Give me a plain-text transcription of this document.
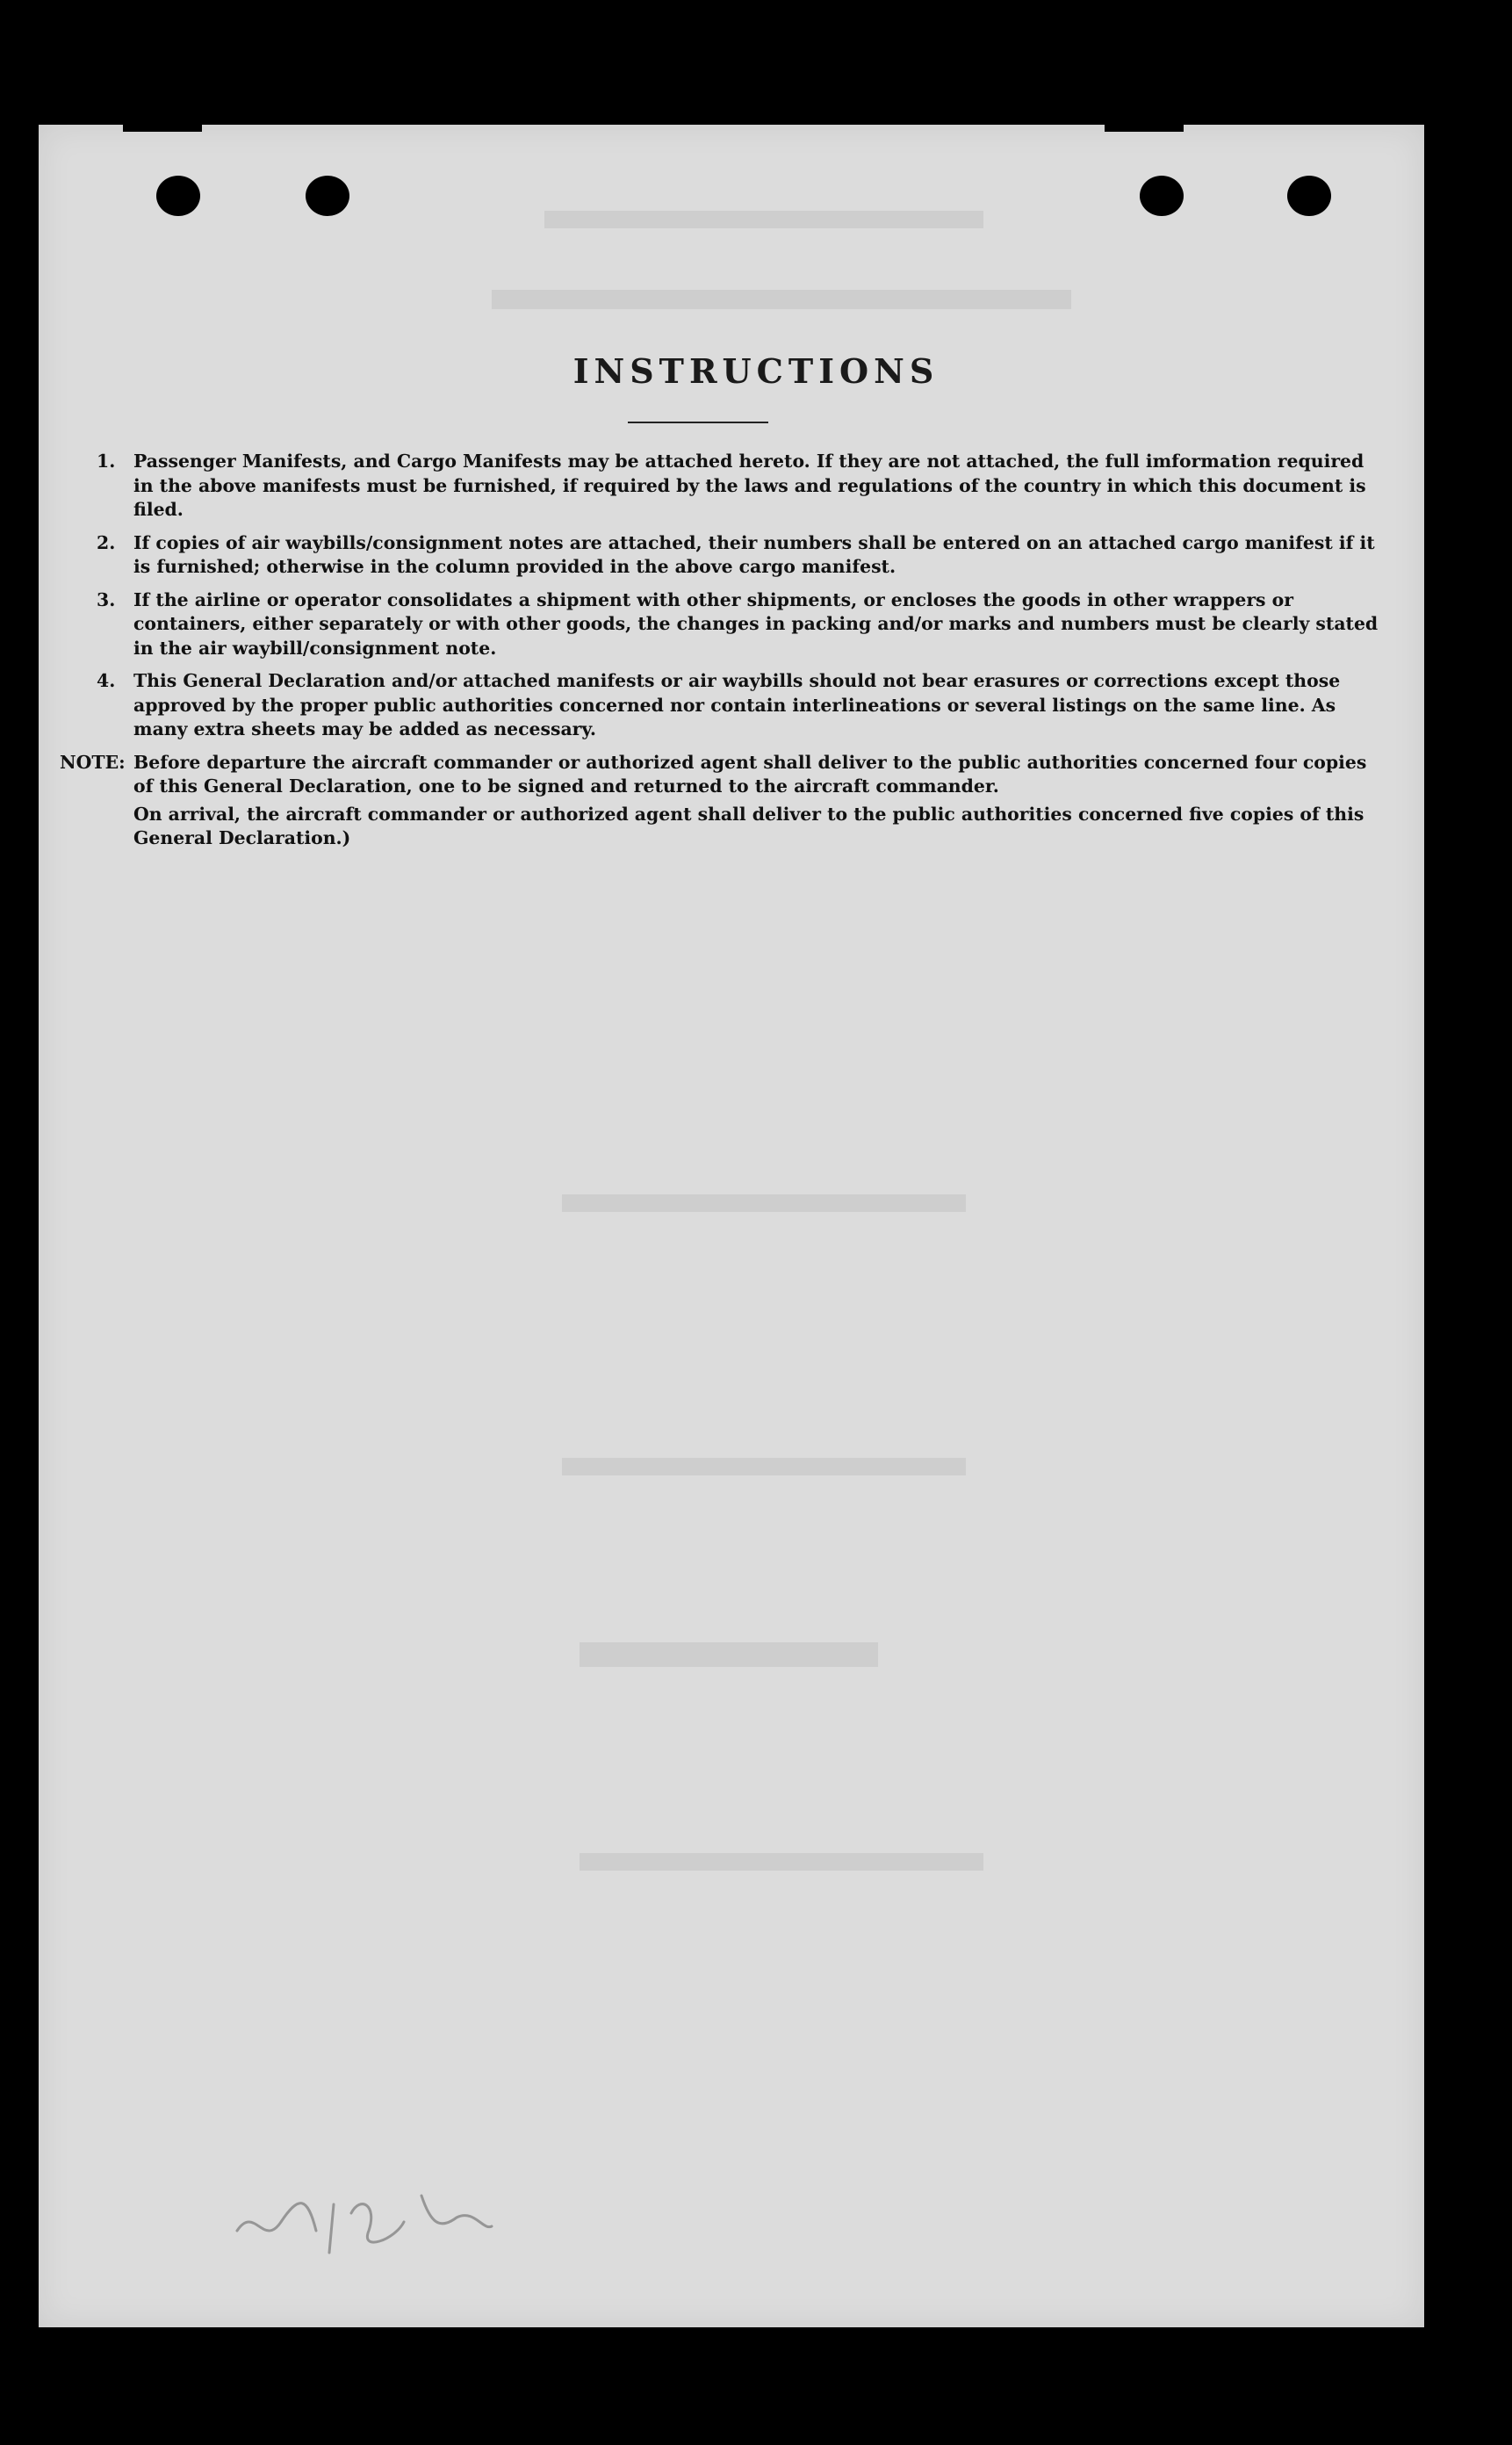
INSTRUCTIONS
1. Passenger Manifests, and Cargo Manifests may be attached hereto. If they are not attached, the full imformation required in the above manifests must be furnished, if required by the laws and regulations of the country in which this document is filed.
2. If copies of air waybills/consignment notes are attached, their numbers shall be entered on an attached cargo manifest if it is furnished; otherwise in the column provided in the above cargo manifest.
3. If the airline or operator consolidates a shipment with other shipments, or encloses the goods in other wrappers or containers, either separately or with other goods, the changes in packing and/or marks and numbers must be clearly stated in the air waybill/consignment note.
4. This General Declaration and/or attached manifests or air waybills should not bear erasures or corrections except those approved by the proper public authorities concerned nor contain interlineations or several listings on the same line. As many extra sheets may be added as necessary.
NOTE: Before departure the aircraft commander or authorized agent shall deliver to the public authorities concerned four copies of this General Declaration, one to be signed and returned to the aircraft commander.

On arrival, the aircraft commander or authorized agent shall deliver to the public authorities concerned five copies of this General Declaration.)
